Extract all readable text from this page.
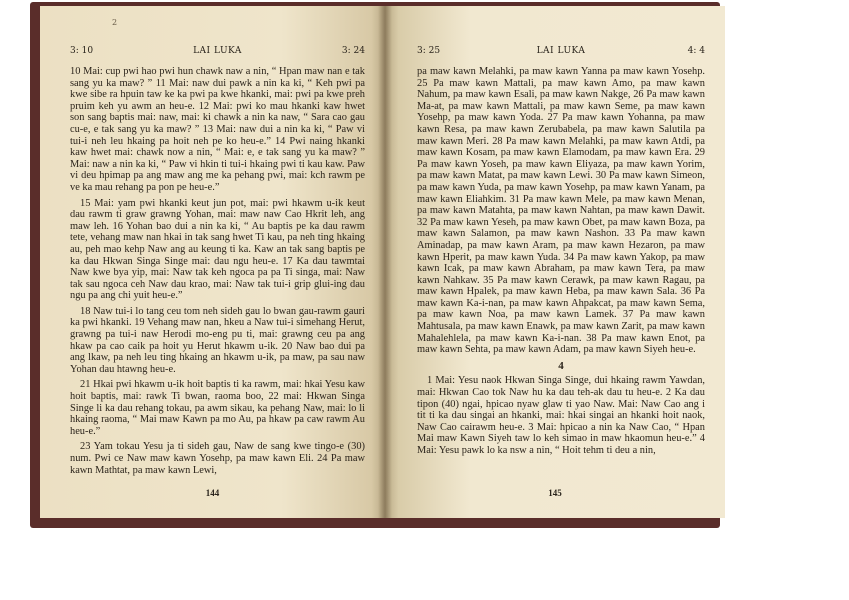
2
3: 10	LAI LUKA	3: 24

10 Mai: cup pwi hao pwi hun chawk naw a nin, “ Hpan maw nan e tak sang yu ka maw? ” 11 Mai: naw dui pawk a nin ka ki, “ Keh pwi pa kwe sibe ra hpuin taw ke ka pwi pa kwe hkanki, mai: pwi pa kwe preh pruim keh yu awm an heu-e. 12 Mai: pwi ko mau hkanki kaw hwet son sang baptis mai: naw, mai: ki chawk a nin ka naw, “ Sara cao gau cu-e, e tak sang yu ka maw? ” 13 Mai: naw dui a nin ka ki, “ Paw vi tui-i neh leu hkaing pa hoit neh pe ko heu-e.” 14 Pwi naing hkanki kaw hwet mai: chawk now a nin, “ Mai: e, e tak sang yu ka maw? ” Mai: naw a nin ka ki, “ Paw vi hkin ti tui-i hkaing pwi ti kau kaw. Paw vi deu hpimap pa ang maw ang me ka pehang pwi, mai: kch rawm pe ve ka mau rehang pa pon pe heu-e.”

15 Mai: yam pwi hkanki keut jun pot, mai: pwi hkawm u-ik keut dau rawm ti graw grawng Yohan, mai: maw naw Cao Hkrit leh, ang maw leh. 16 Yohan bao dui a nin ka ki, “ Au baptis pe ka dau rawm tete, vehang maw nan hkai in tak sang hwet Ti kau, pa neh ting hkaing au, peh mao kehp Naw ang au keung ti ka. Kaw an tak sang baptis pe ka dau Hkwan Singa Singe mai: dau ngu heu-e. 17 Ka dau tawmtai Naw kwe bya yip, mai: Naw tak keh ngoca pa pa Ti singa, mai: Naw tak sau ngoca ceh Naw dau krao, mai: Naw tak tui-i grip glui-ing dau ngu pa ang chi yuit heu-e.”

18 Naw tui-i lo tang ceu tom neh sideh gau lo bwan gau-rawm gauri ka pwi hkanki. 19 Vehang maw nan, hkeu a Naw tui-i simehang Herut, grawng pa tui-i naw Herodi mo-eng pu ti, mai: grawng ceu pa ang hkaw pa cao caik pa hoit yu Herut hkawm u-ik. 20 Naw bao dui pa ang lkaw, pa neh leu ting hkaing an hkawm u-ik, pa maw, pa sau naw Yohan dau htawng heu-e.

21 Hkai pwi hkawm u-ik hoit baptis ti ka rawm, mai: hkai Yesu kaw hoit baptis, mai: rawk Ti bwan, raoma boo, 22 mai: Hkwan Singa Singe li ka dau rehang tokau, pa awm sikau, ka pehang Naw, mai: lo li hkaing raoma, “ Mai maw Kawn pa mo Au, pa hkaw pa caw rawm Au heu-e.”

23 Yam tokau Yesu ja ti sideh gau, Naw de sang kwe tingo-e (30) num. Pwi ce Naw maw kawn Yosehp, pa maw kawn Eli. 24 Pa maw kawn Mathtat, pa maw kawn Lewi,

144
3: 25	LAI LUKA	4: 4

pa maw kawn Melahki, pa maw kawn Yanna pa maw kawn Yosehp. 25 Pa maw kawn Mattali, pa maw kawn Amo, pa maw kawn Nahum, pa maw kawn Esali, pa maw kawn Nakge, 26 Pa maw kawn Ma-at, pa maw kawn Mattali, pa maw kawn Seme, pa maw kawn Yosehp, pa maw kawn Yoda. 27 Pa maw kawn Yohanna, pa maw kawn Resa, pa maw kawn Zerubabela, pa maw kawn Salutila pa maw kawn Meri. 28 Pa maw kawn Melahki, pa maw kawn Atdi, pa maw kawn Kosam, pa maw kawn Elamodam, pa maw kawn Era. 29 Pa maw kawn Yoseh, pa maw kawn Eliyaza, pa maw kawn Yorim, pa maw kawn Matat, pa maw kawn Lewi. 30 Pa maw kawn Simeon, pa maw kawn Yuda, pa maw kawn Yosehp, pa maw kawn Yanam, pa maw kawn Eliahkim. 31 Pa maw kawn Mele, pa maw kawn Menan, pa maw kawn Matahta, pa maw kawn Nahtan, pa maw kawn Dawit. 32 Pa maw kawn Yeseh, pa maw kawn Obet, pa maw kawn Boza, pa maw kawn Salamon, pa maw kawn Nashon. 33 Pa maw kawn Aminadap, pa maw kawn Aram, pa maw kawn Hezaron, pa maw kawn Hperit, pa maw kawn Yuda. 34 Pa maw kawn Yakop, pa maw kawn Icak, pa maw kawn Abraham, pa maw kawn Tera, pa maw kawn Nahkaw. 35 Pa maw kawn Cerawk, pa maw kawn Ragau, pa maw kawn Hpalek, pa maw kawn Heba, pa maw kawn Sala. 36 Pa maw kawn Ka-i-nan, pa maw kawn Ahpakcat, pa maw kawn Sema, pa maw kawn Noa, pa maw kawn Lamek. 37 Pa maw kawn Mahtusala, pa maw kawn Enawk, pa maw kawn Zarit, pa maw kawn Mahalehlela, pa maw kawn Ka-i-nan. 38 Pa maw kawn Enot, pa maw kawn Sehta, pa maw kawn Adam, pa maw kawn Siyeh heu-e.

4

1 Mai: Yesu naok Hkwan Singa Singe, dui hkaing rawm Yawdan, mai: Hkwan Cao tok Naw hu ka dau teh-ak dau tu heu-e. 2 Ka dau tipon (40) ngai, hpicao nyaw glaw ti yao Naw. Mai: Naw Cao ang i tit ti ka dau singai an hkanki, mai: hkai singai an hkanki hoit naok, Naw Cao cairawm heu-e. 3 Mai: hpicao a nin ka Naw Cao, “ Hpan Mai maw Kawn Siyeh taw lo keh simao in maw hkaomun heu-e.” 4 Mai: Yesu pawk lo ka nsw a nin, “ Hoit tehm ti deu a nin,

145
